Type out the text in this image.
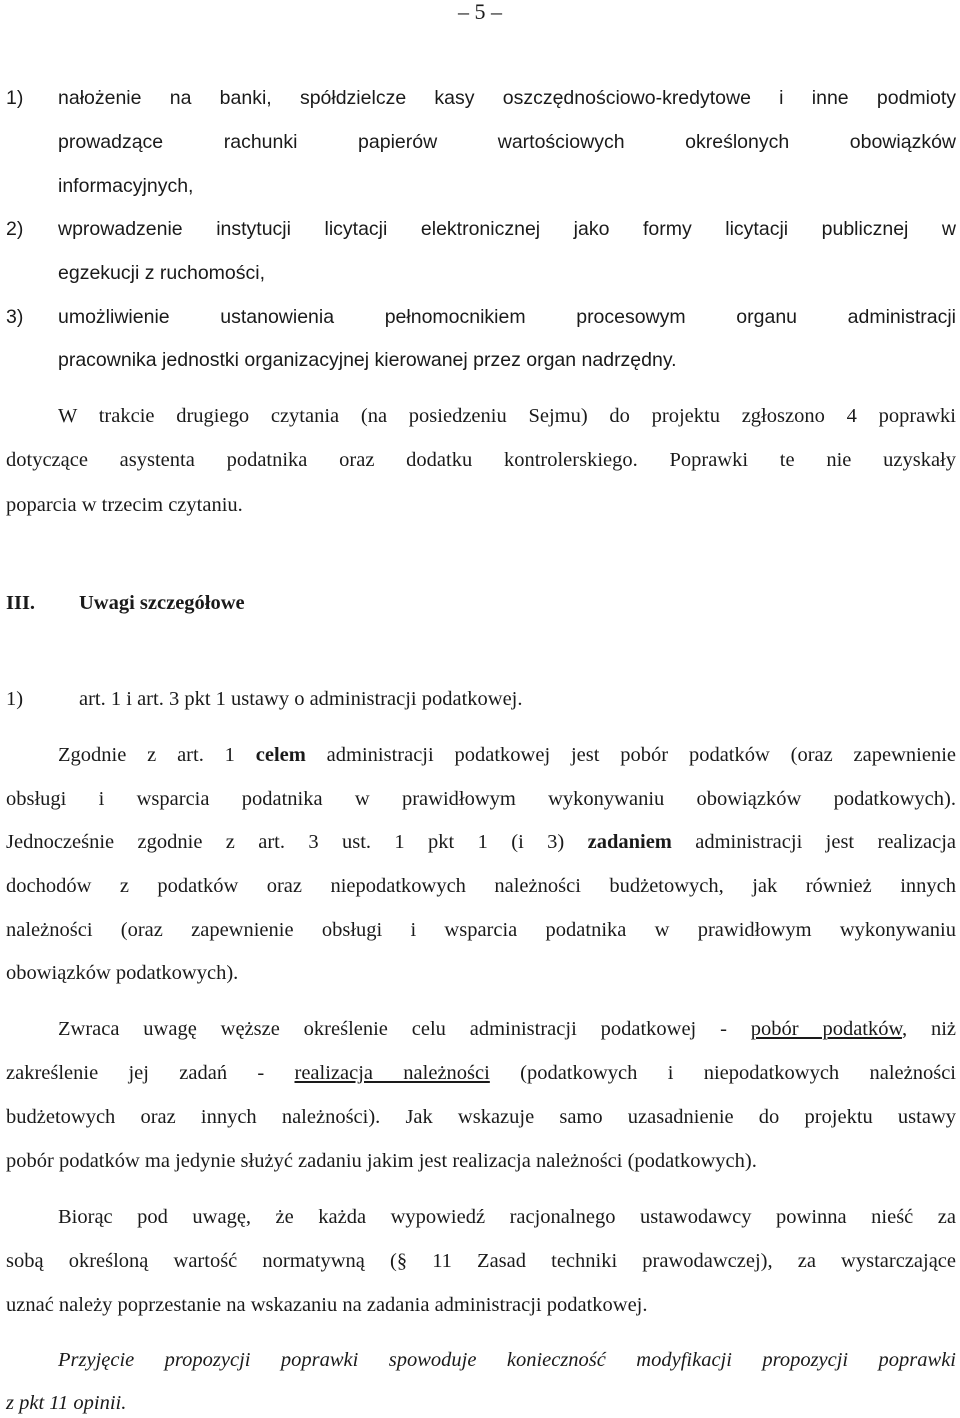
– 5 –
1) nałożenie na banki, spółdzielcze kasy oszczędnościowo-kredytowe i inne podmioty
prowadzące rachunki papierów wartościowych określonych obowiązków
informacyjnych,
2) wprowadzenie instytucji licytacji elektronicznej jako formy licytacji publicznej w
egzekucji z ruchomości,
3) umożliwienie ustanowienia pełnomocnikiem procesowym organu administracji
pracownika jednostki organizacyjnej kierowanej przez organ nadrzędny.
W trakcie drugiego czytania (na posiedzeniu Sejmu) do projektu zgłoszono 4 poprawki
dotyczące asystenta podatnika oraz dodatku kontrolerskiego. Poprawki te nie uzyskały
poparcia w trzecim czytaniu.
III. Uwagi szczegółowe
1)	art. 1 i art. 3 pkt 1 ustawy o administracji podatkowej.
Zgodnie z art. 1 celem administracji podatkowej jest pobór podatków (oraz zapewnienie
obsługi i wsparcia podatnika w prawidłowym wykonywaniu obowiązków podatkowych).
Jednocześnie zgodnie z art. 3 ust. 1 pkt 1 (i 3) zadaniem administracji jest realizacja
dochodów z podatków oraz niepodatkowych należności budżetowych, jak również innych
należności (oraz zapewnienie obsługi i wsparcia podatnika w prawidłowym wykonywaniu
obowiązków podatkowych).
Zwraca uwagę węższe określenie celu administracji podatkowej - pobór podatków, niż
zakreślenie jej zadań - realizacja należności (podatkowych i niepodatkowych należności
budżetowych oraz innych należności). Jak wskazuje samo uzasadnienie do projektu ustawy
pobór podatków ma jedynie służyć zadaniu jakim jest realizacja należności (podatkowych).
Biorąc pod uwagę, że każda wypowiedź racjonalnego ustawodawcy powinna nieść za
sobą określoną wartość normatywną (§ 11 Zasad techniki prawodawczej), za wystarczające
uznać należy poprzestanie na wskazaniu na zadania administracji podatkowej.
Przyjęcie propozycji poprawki spowoduje konieczność modyfikacji propozycji poprawki
z pkt 11 opinii.
